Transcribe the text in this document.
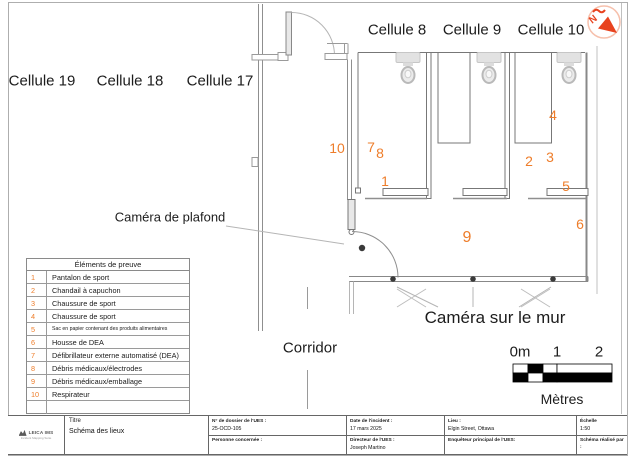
N
Cellule 8 Cellule 9 Cellule 10
Cellule 19 Cellule 18 Cellule 17
Caméra de plafond
Caméra sur le mur
Corridor
1
2 3
4
5
6
7 8
9
10
0m 1 2
Mètres
Éléments de preuve
1	Pantalon de sport
2	Chandail à capuchon
3	Chaussure de sport
4	Chaussure de sport
5	Sac en papier contenant des produits alimentaires
6	Housse de DEA
7	Défibrillateur externe automatisé (DEA)
8	Débris médicaux/électrodes
9	Débris médicaux/emballage
10	Respirateur
LEICA IMS
Incident Mapping Suite
Titre
Schéma des lieux
N° de dossier de l'UES :
25-OCD-105
Personne concernée :
Date de l'incident :
17 mars 2025
Directeur de l'UES :
Joseph Martino
Lieu :
Elgin Street, Ottawa
Enquêteur principal de l'UES:
Échelle
1:50
Schéma réalisé par :
